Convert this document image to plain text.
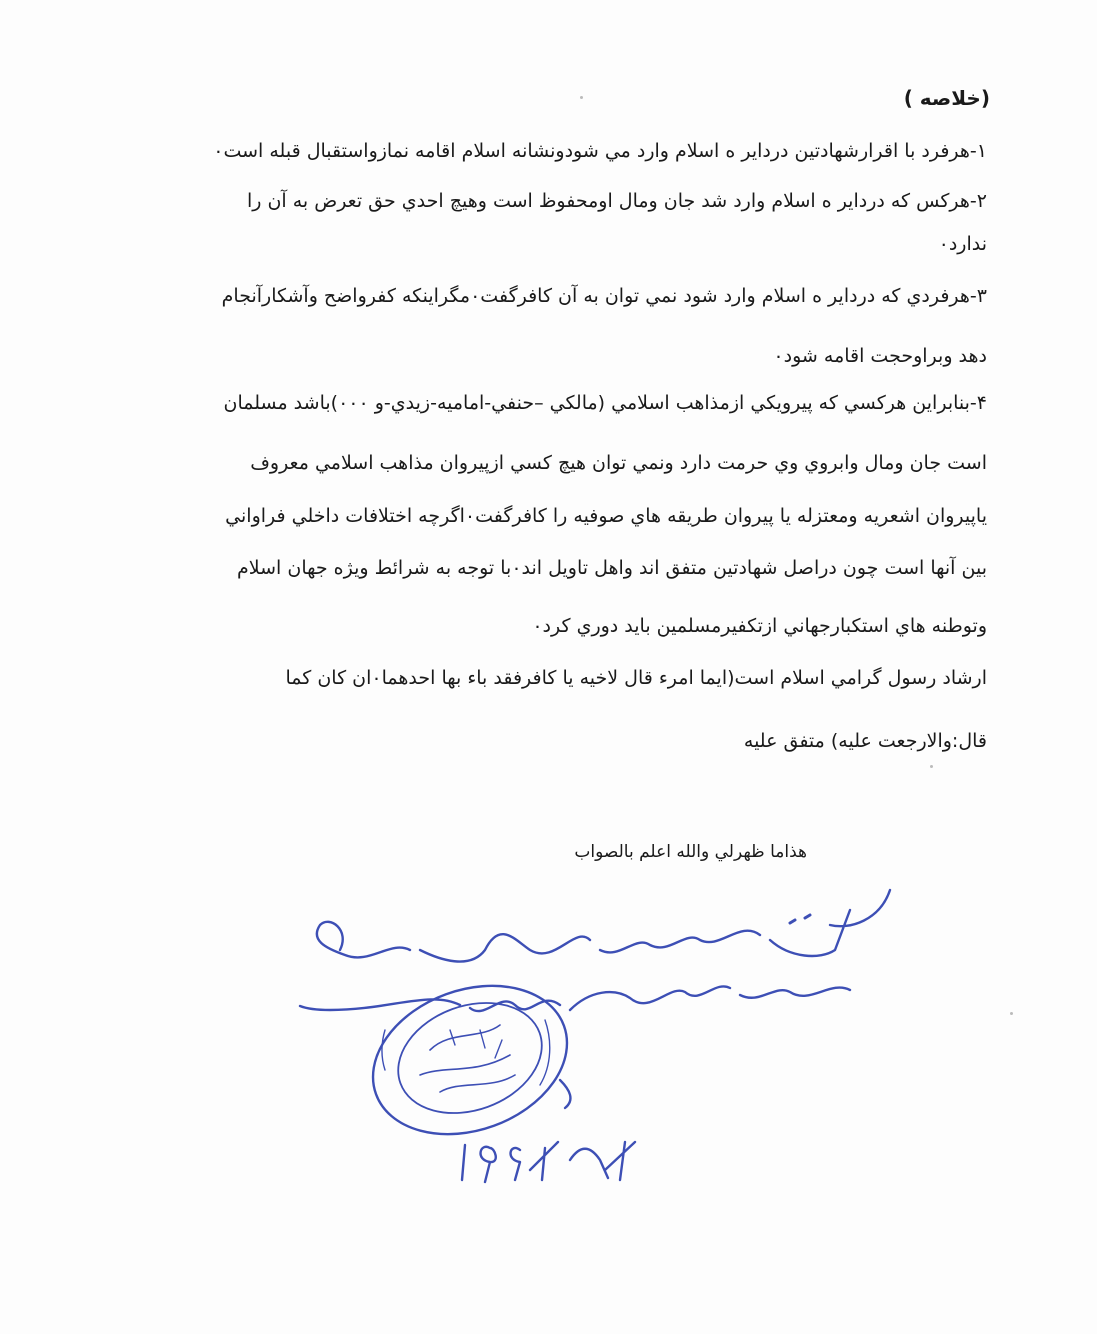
(خلاصه )
۱-هرفرد با اقرارشهادتين درداير ه اسلام وارد مي شودونشانه اسلام اقامه نمازواستقبال قبله است۰
۲-هركس كه درداير ه اسلام وارد شد جان ومال اومحفوظ است وهيچ احدي حق تعرض به آن را
ندارد۰
۳-هرفردي كه درداير ه اسلام وارد شود نمي توان به آن كافرگفت۰مگراينكه كفرواضح وآشكارآنجام
دهد وبراوحجت اقامه شود۰
۴-بنابراين هركسي كه پيرويكي ازمذاهب اسلامي (مالكي –حنفي-اماميه-زيدي-و ۰۰۰)باشد مسلمان
است جان ومال وابروي وي حرمت دارد ونمي توان هيچ كسي ازپيروان مذاهب اسلامي معروف
ياپيروان اشعريه ومعتزله يا پيروان طريقه هاي صوفيه را كافرگفت۰اگرچه اختلافات داخلي فراواني
بين آنها است چون دراصل شهادتين متفق اند واهل تاويل اند۰با توجه به شرائط ويژه جهان اسلام
وتوطنه هاي استكبارجهاني ازتكفيرمسلمين بايد دوري كرد۰
ارشاد رسول گرامي اسلام است(ايما امرء قال لاخيه يا كافرفقد باء بها احدهما۰ان كان كما
قال:والارجعت عليه) متفق عليه
هذاما ظهرلي والله اعلم بالصواب
